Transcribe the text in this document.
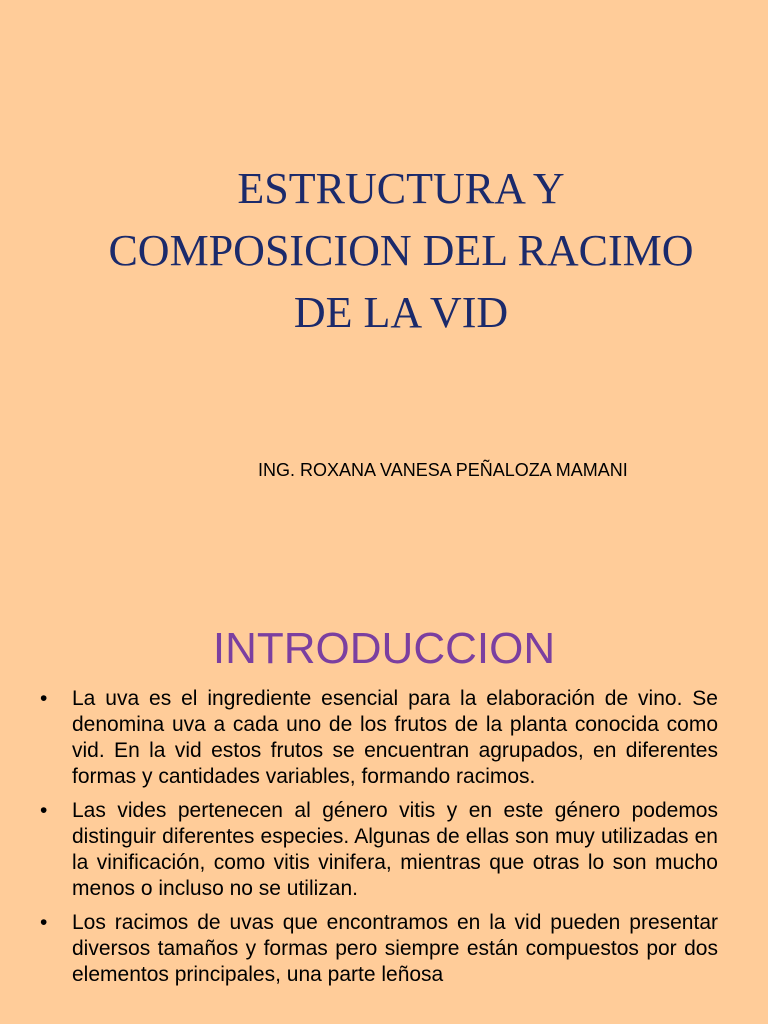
ESTRUCTURA Y
COMPOSICION DEL RACIMO
DE LA VID
ING. ROXANA VANESA PEÑALOZA MAMANI
INTRODUCCION
• La uva es el ingrediente esencial para la elaboración de vino. Se denomina uva a cada uno de los frutos de la planta conocida como vid. En la vid estos frutos se encuentran agrupados, en diferentes formas y cantidades variables, formando racimos.
• Las vides pertenecen al género vitis y en este género podemos distinguir diferentes especies. Algunas de ellas son muy utilizadas en la vinificación, como vitis vinifera, mientras que otras lo son mucho menos o incluso no se utilizan.
• Los racimos de uvas que encontramos en la vid pueden presentar diversos tamaños y formas pero siempre están compuestos por dos elementos principales, una parte leñosa
